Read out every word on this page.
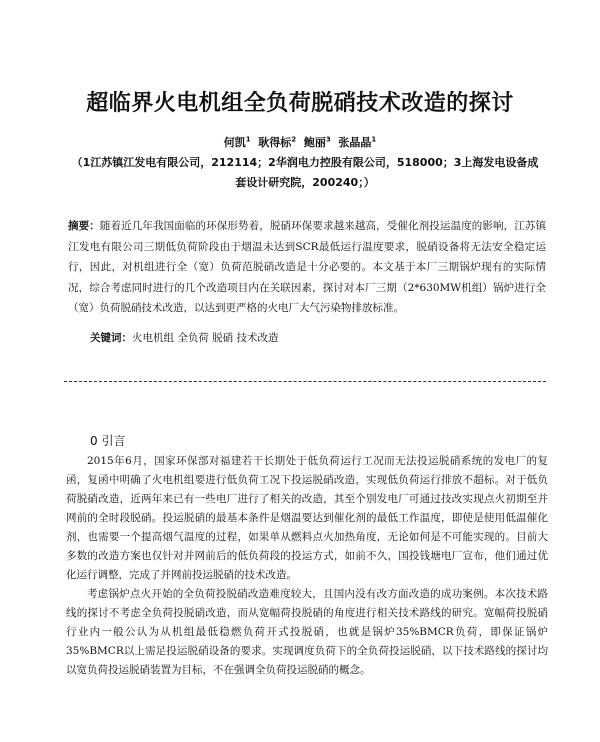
超临界火电机组全负荷脱硝技术改造的探讨
何凯$^1$ 耿得标$^2$ 鲍丽$^3$ 张晶晶$^1$
（1江苏镇江发电有限公司，212114；2华润电力控股有限公司，518000；3上海发电设备成套设计研究院，200240；）
摘要：随着近几年我国面临的环保形势着，脱硝环保要求越来越高，受催化剂投运温度的影响，江苏镇江发电有限公司三期低负荷阶段由于烟温未达到SCR最低运行温度要求，脱硝设备将无法安全稳定运行，因此，对机组进行全（宽）负荷范脱硝改造是十分必要的。本文基于本厂三期锅炉现有的实际情况，综合考虑同时进行的几个改造项目内在关联因素，探讨对本厂三期（2*630MW机组）锅炉进行全（宽）负荷脱硝技术改造，以达到更严格的火电厂大气污染物排放标准。
关键词：火电机组 全负荷 脱硝 技术改造
0 引言

2015年6月，国家环保部对福建若干长期处于低负荷运行工况而无法投运脱硝系统的发电厂的复函，复函中明确了火电机组要进行低负荷工况下投运脱硝改造，实现低负荷运行排放不超标。对于低负荷脱硝改造，近两年来已有一些电厂进行了相关的改造，其至个别发电厂可通过技改实现点火初期至并网前的全时段脱硝。投运脱硝的最基本条件是烟温要达到催化剂的最低工作温度，即使是使用低温催化剂，也需要一个提高烟气温度的过程，如果单从燃料点火加热角度，无论如何是不可能实现的。目前大多数的改造方案也仅针对并网前后的低负荷段的投运方式，如前不久，国投钱塘电厂宣布，他们通过优化运行调整，完成了并网前投运脱硝的技术改造。

考虑锅炉点火开始的全负荷投脱硝改造难度较大，且国内没有改方面改造的成功案例。本次技术路线的探讨不考虑全负荷投脱硝改造，而从宽幅荷投脱硝的角度进行相关技术路线的研究。宽幅荷投脱硝行业内一般公认为从机组最低稳燃负荷开式投脱硝，也就是锅炉35%BMCR负荷，即保证锅炉35%BMCR以上需足投运脱硝设备的要求。实现调度负荷下的全负荷投运脱硝，以下技术路线的探讨均以宽负荷投运脱硝装置为目标，不在强调全负荷投运脱硝的概念。
